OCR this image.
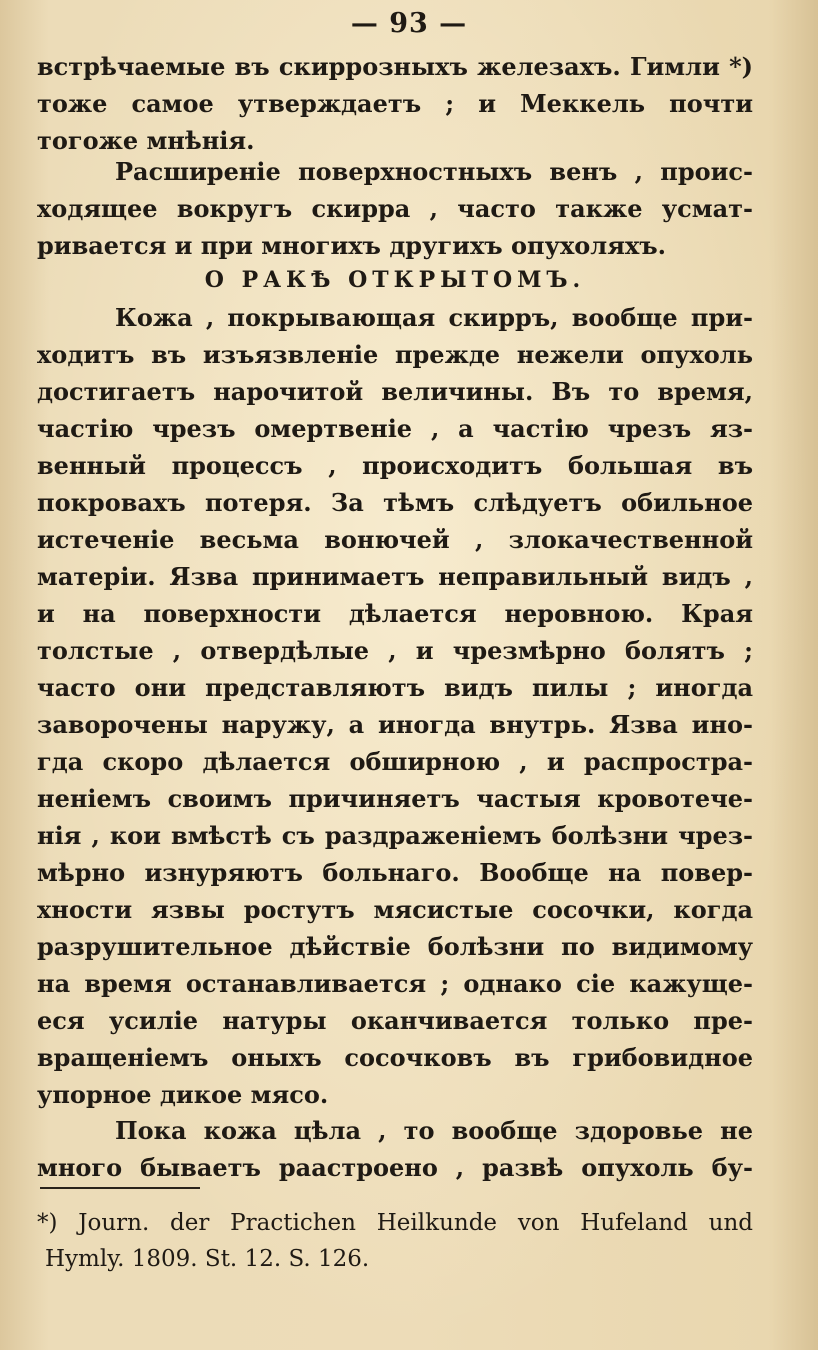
— 93 —
встрѣчаемые въ скиррозныхъ железахъ. Гимли *)
тоже самое утверждаетъ ; и Меккель почти
тогоже мнѣнія.
Расширеніе поверхностныхъ венъ , проис-
ходящее вокругъ скирра , часто также усмат-
ривается и при многихъ другихъ опухоляхъ.
О РАКѢ ОТКРЫТОМЪ.
Кожа , покрывающая скирръ, вообще при-
ходитъ въ изъязвленіе прежде нежели опухоль
достигаетъ нарочитой величины. Въ то время,
частію чрезъ омертвеніе , а частію чрезъ яз-
венный процессъ , происходитъ большая въ
покровахъ потеря. За тѣмъ слѣдуетъ обильное
истеченіе весьма вонючей , злокачественной
матеріи. Язва принимаетъ неправильный видъ ,
и на поверхности дѣлается неровною. Края
толстые , отвердѣлые , и чрезмѣрно болятъ ;
часто они представляютъ видъ пилы ; иногда
заворочены наружу, а иногда внутрь. Язва ино-
гда скоро дѣлается обширною , и распростра-
неніемъ своимъ причиняетъ частыя кровотече-
нія , кои вмѣстѣ съ раздраженіемъ болѣзни чрез-
мѣрно изнуряютъ больнаго. Вообще на повер-
хности язвы ростутъ мясистые сосочки, когда
разрушительное дѣйствіе болѣзни по видимому
на время останавливается ; однако сіе кажуще-
еся усиліе натуры оканчивается только пре-
вращеніемъ оныхъ сосочковъ въ грибовидное
упорное дикое мясо.
Пока кожа цѣла , то вообще здоровье не
много бываетъ раастроено , развѣ опухоль бу-
*) Journ. der Practichen Heilkunde von Hufeland und
Hymly. 1809. St. 12. S. 126.
